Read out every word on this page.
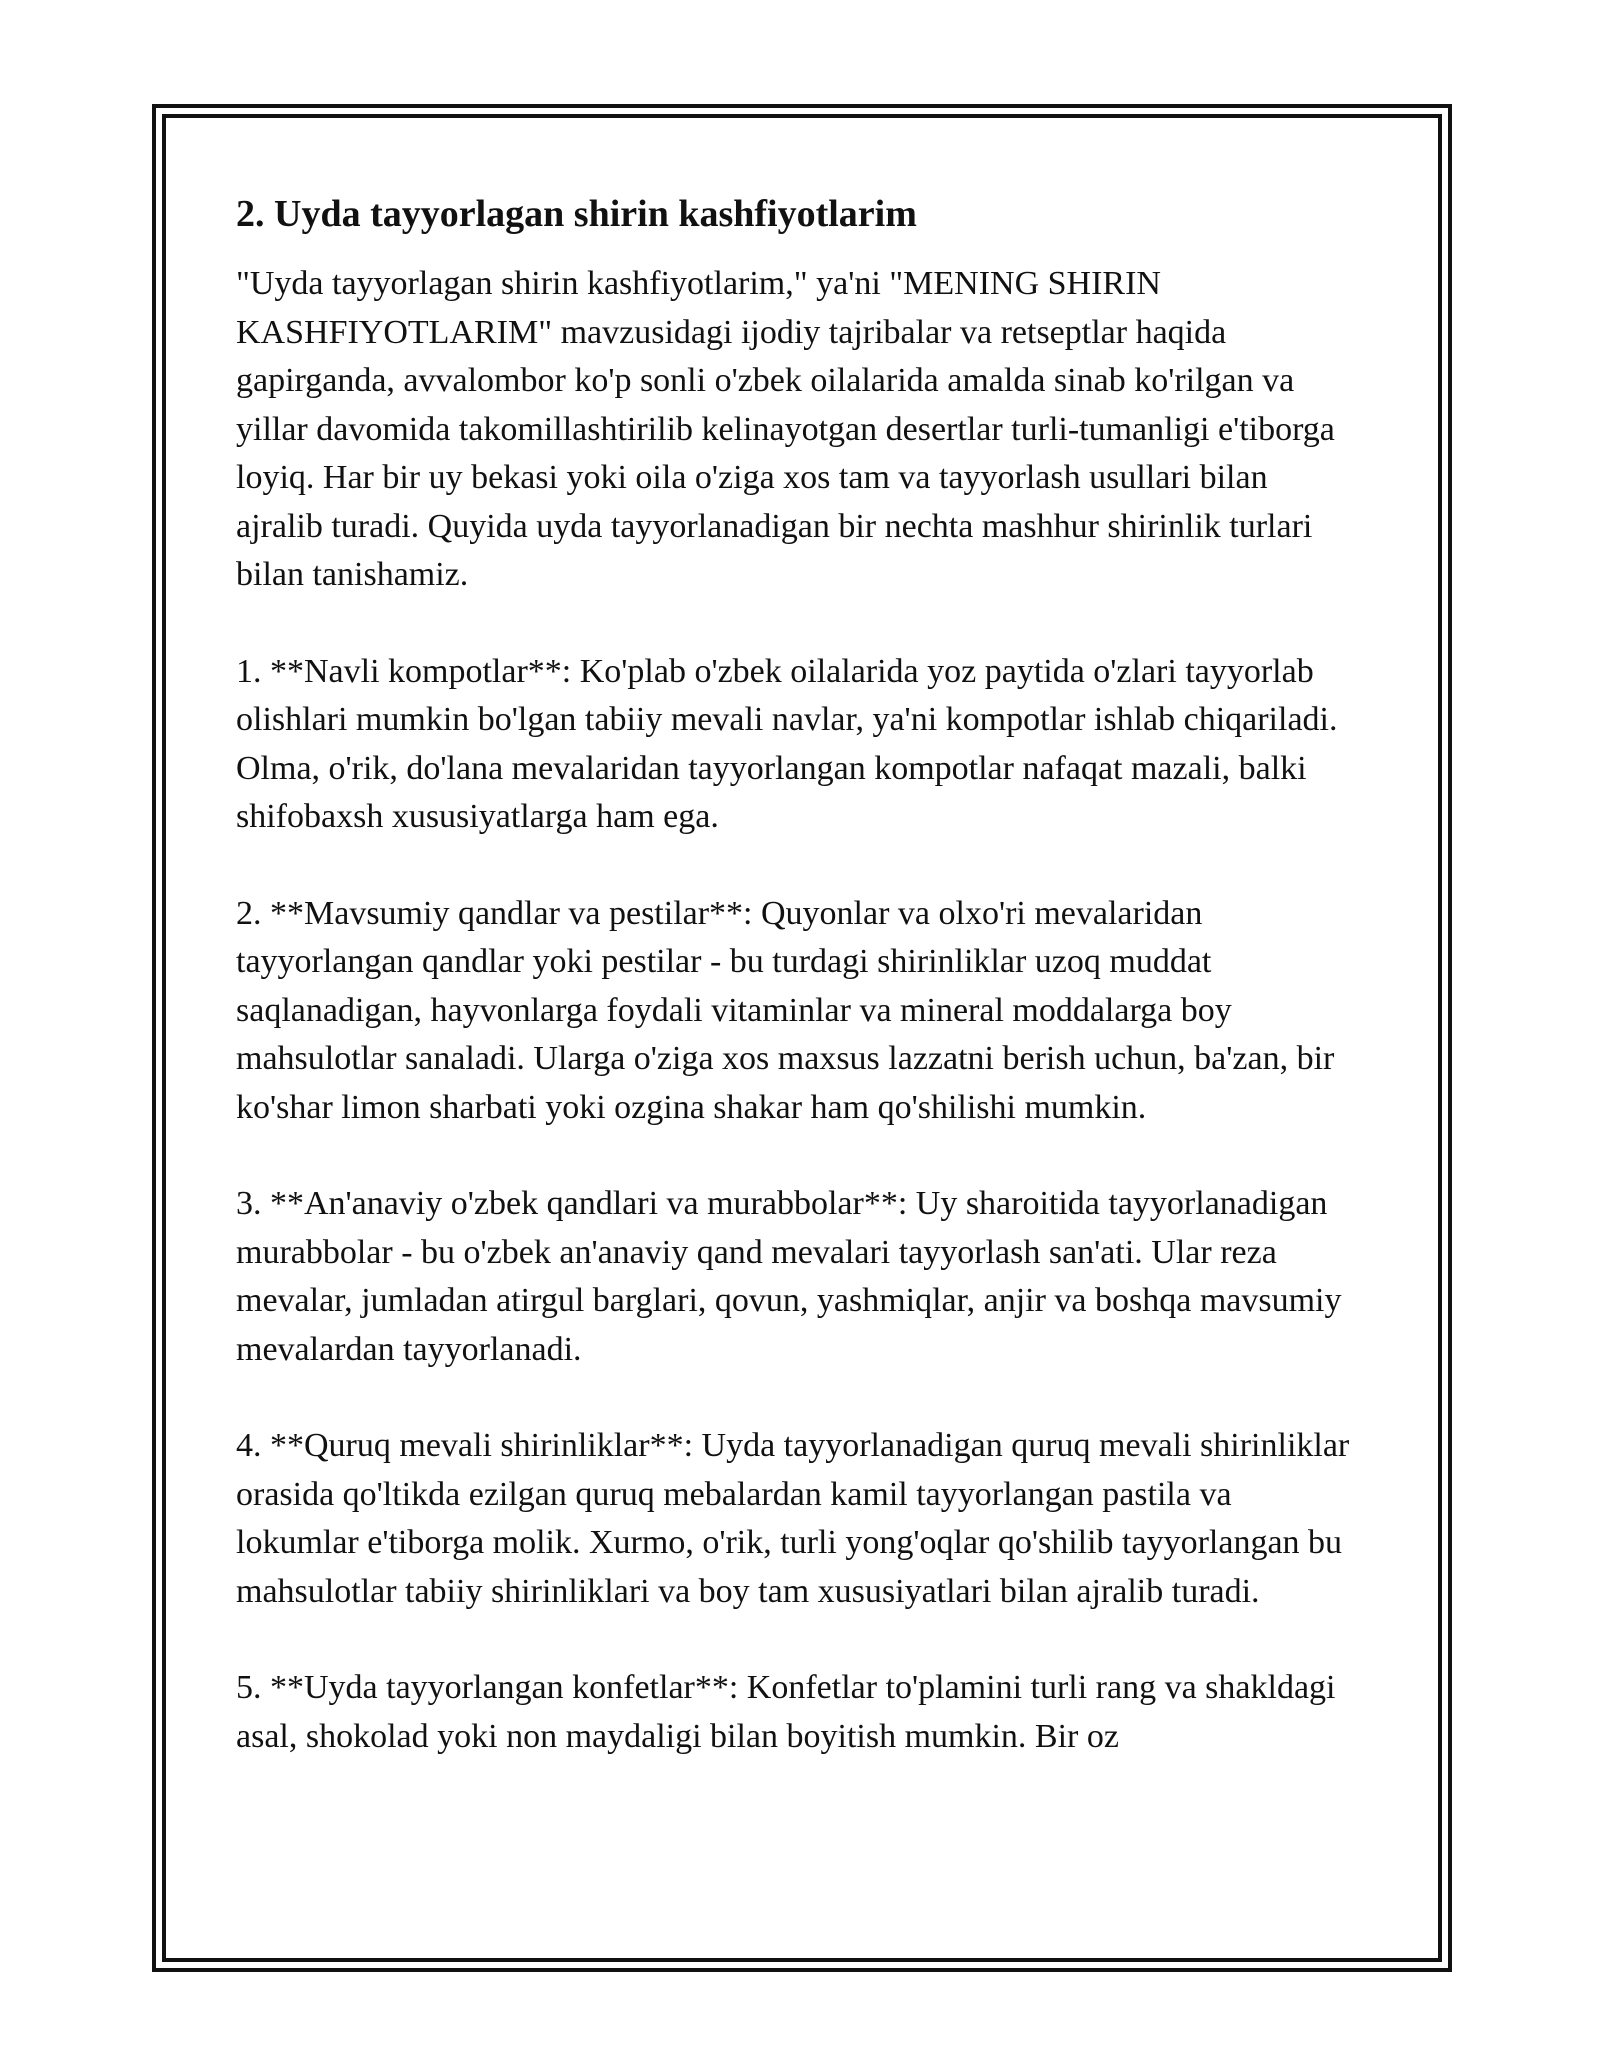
2. Uyda tayyorlagan shirin kashfiyotlarim

"Uyda tayyorlagan shirin kashfiyotlarim," ya'ni "MENING SHIRIN KASHFIYOTLARIM" mavzusidagi ijodiy tajribalar va retseptlar haqida gapirganda, avvalombor ko'p sonli o'zbek oilalarida amalda sinab ko'rilgan va yillar davomida takomillashtirilib kelinayotgan desertlar turli-tumanligi e'tiborga loyiq. Har bir uy bekasi yoki oila o'ziga xos tam va tayyorlash usullari bilan ajralib turadi. Quyida uyda tayyorlanadigan bir nechta mashhur shirinlik turlari bilan tanishamiz.

1. **Navli kompotlar**: Ko'plab o'zbek oilalarida yoz paytida o'zlari tayyorlab olishlari mumkin bo'lgan tabiiy mevali navlar, ya'ni kompotlar ishlab chiqariladi. Olma, o'rik, do'lana mevalaridan tayyorlangan kompotlar nafaqat mazali, balki shifobaxsh xususiyatlarga ham ega.

2. **Mavsumiy qandlar va pestilar**: Quyonlar va olxo'ri mevalaridan tayyorlangan qandlar yoki pestilar - bu turdagi shirinliklar uzoq muddat saqlanadigan, hayvonlarga foydali vitaminlar va mineral moddalarga boy mahsulotlar sanaladi. Ularga o'ziga xos maxsus lazzatni berish uchun, ba'zan, bir ko'shar limon sharbati yoki ozgina shakar ham qo'shilishi mumkin.

3. **An'anaviy o'zbek qandlari va murabbolar**: Uy sharoitida tayyorlanadigan murabbolar - bu o'zbek an'anaviy qand mevalari tayyorlash san'ati. Ular reza mevalar, jumladan atirgul barglari, qovun, yashmiqlar, anjir va boshqa mavsumiy mevalardan tayyorlanadi.

4. **Quruq mevali shirinliklar**: Uyda tayyorlanadigan quruq mevali shirinliklar orasida qo'ltikda ezilgan quruq mebalardan kamil tayyorlangan pastila va lokumlar e'tiborga molik. Xurmo, o'rik, turli yong'oqlar qo'shilib tayyorlangan bu mahsulotlar tabiiy shirinliklari va boy tam xususiyatlari bilan ajralib turadi.

5. **Uyda tayyorlangan konfetlar**: Konfetlar to'plamini turli rang va shakldagi asal, shokolad yoki non maydaligi bilan boyitish mumkin. Bir oz
